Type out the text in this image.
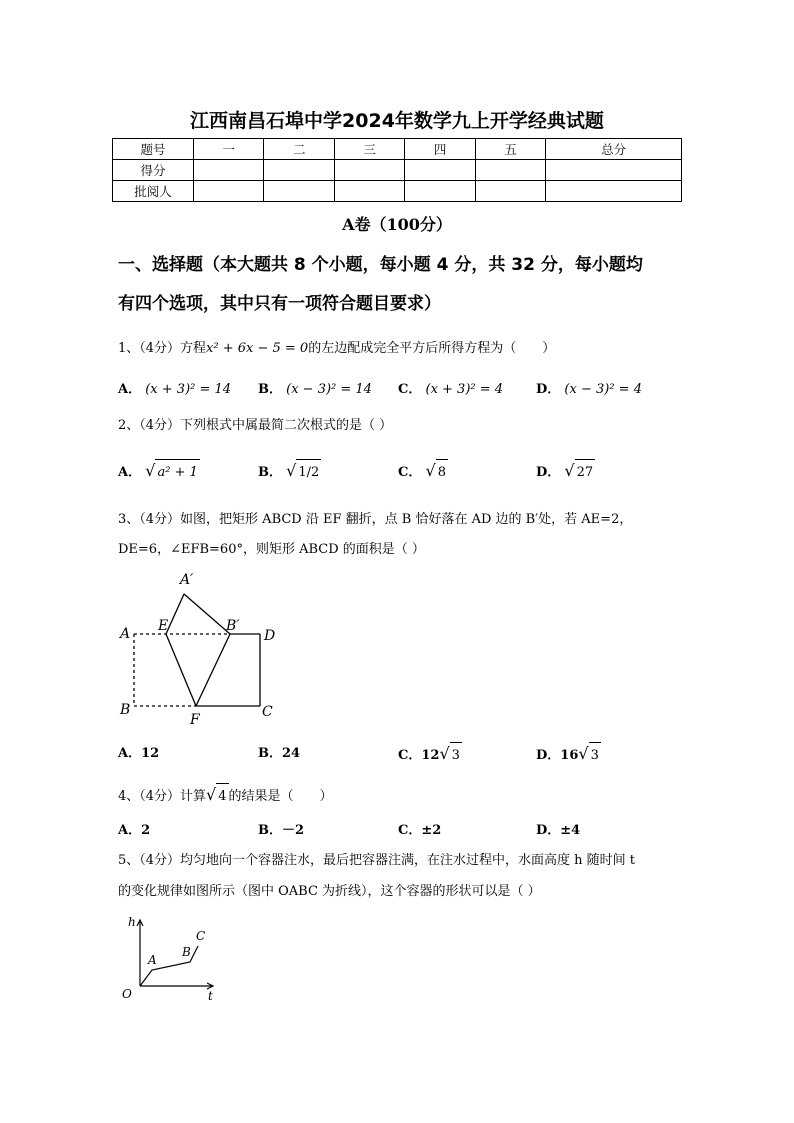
江西南昌石埠中学2024年数学九上开学经典试题
题号	一	二	三	四	五	总分
得分						
批阅人						
A卷（100分）
一、选择题（本大题共 8 个小题，每小题 4 分，共 32 分，每小题均
有四个选项，其中只有一项符合题目要求）
1、（4分）方程x² + 6x − 5 = 0的左边配成完全平方后所得方程为（　　）
A． (x + 3)² = 14 B． (x − 3)² = 14 C． (x + 3)² = 4	D． (x − 3)² = 4
2、（4分）下列根式中属最简二次根式的是（ ）
A． √ a² + 1	B． √ 1/2	C． √ 8	D． √ 27
3、（4分）如图，把矩形 ABCD 沿 EF 翻折，点 B 恰好落在 AD 边的 B′处，若 AE=2，
DE=6，∠EFB=60°，则矩形 ABCD 的面积是（ ）
A′
A E	B′
D
B
F	C
A．12	B．24	C．12√ 3	D．16√ 3
4、（4分）计算√ 4 的结果是（　　）
A．2	B．－2	C．±2	D．±4
5、（4分）均匀地向一个容器注水，最后把容器注满，在注水过程中，水面高度 h 随时间 t
的变化规律如图所示（图中 OABC 为折线），这个容器的形状可以是（ ）
h
C
B
A
O	t
